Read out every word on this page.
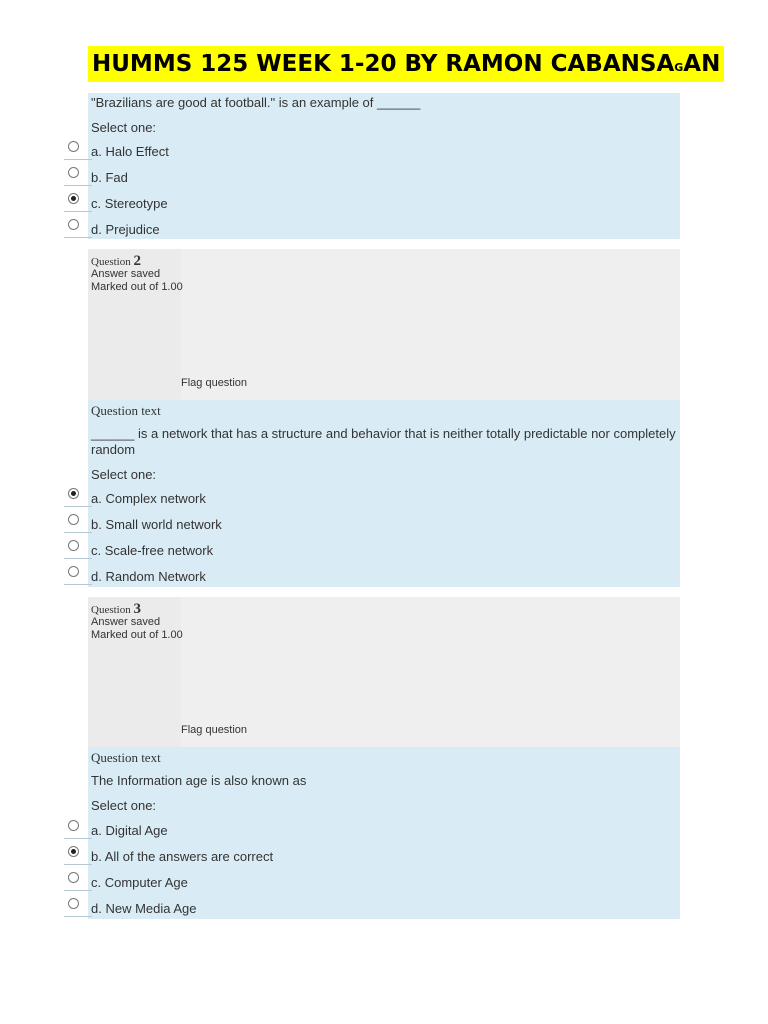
HUMMS 125 WEEK 1-20 BY RAMON CABANSAGAN
"Brazilians are good at football." is an example of ______
Select one:
a. Halo Effect
b. Fad
c. Stereotype
d. Prejudice
Question 2
Answer saved
Marked out of 1.00
Flag question
Question text
______ is a network that has a structure and behavior that is neither totally predictable nor completely random
Select one:
a. Complex network
b. Small world network
c. Scale-free network
d. Random Network
Question 3
Answer saved
Marked out of 1.00
Flag question
Question text
The Information age is also known as
Select one:
a. Digital Age
b. All of the answers are correct
c. Computer Age
d. New Media Age
